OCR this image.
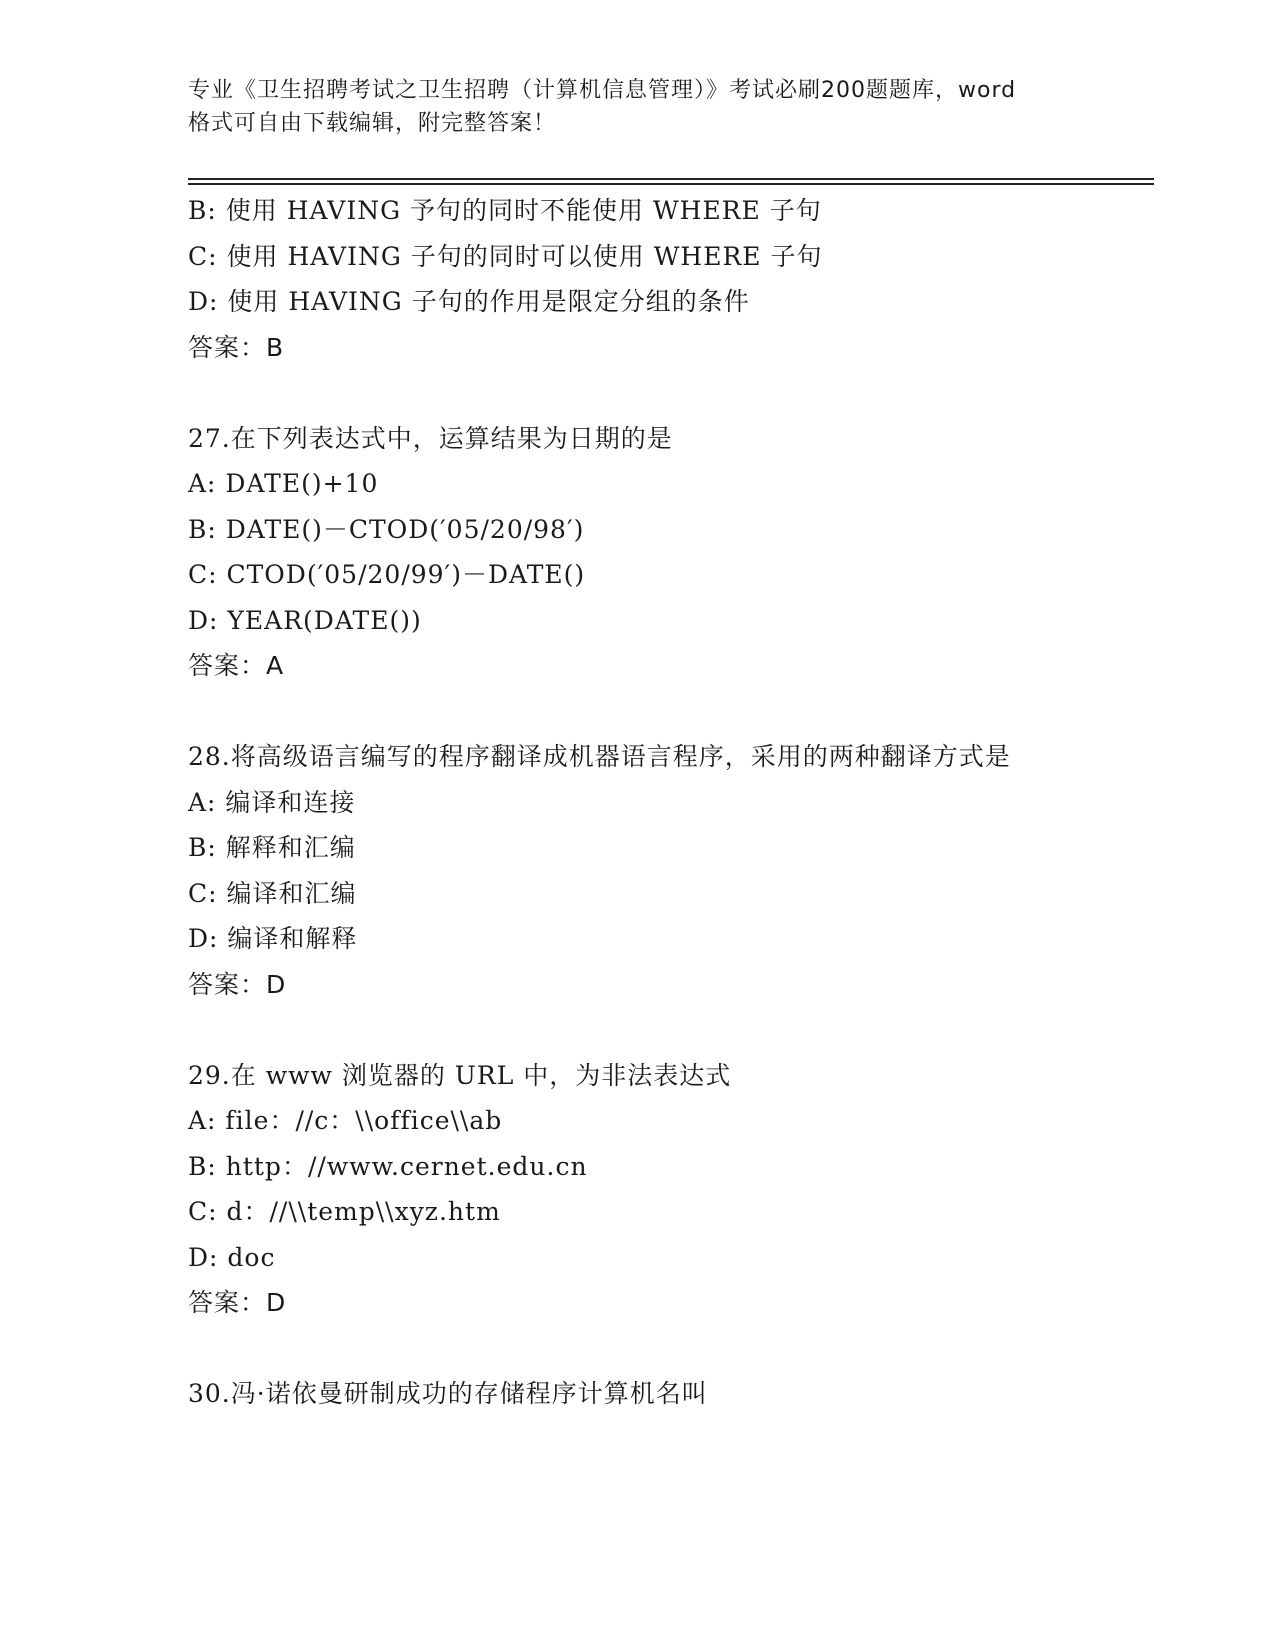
专业《卫生招聘考试之卫生招聘（计算机信息管理）》考试必刷200题题库，word
格式可自由下载编辑，附完整答案！
B: 使用 HAVING 予句的同时不能使用 WHERE 子句
C: 使用 HAVING 子句的同时可以使用 WHERE 子句
D: 使用 HAVING 子句的作用是限定分组的条件
答案：B
27.在下列表达式中，运算结果为日期的是
A: DATE()+10
B: DATE()－CTOD(′05/20/98′)
C: CTOD(′05/20/99′)－DATE()
D: YEAR(DATE())
答案：A
28.将高级语言编写的程序翻译成机器语言程序，采用的两种翻译方式是
A: 编译和连接
B: 解释和汇编
C: 编译和汇编
D: 编译和解释
答案：D
29.在 www 浏览器的 URL 中，为非法表达式
A: file：//c：\\office\\ab
B: http：//www.cernet.edu.cn
C: d：//\\temp\\xyz.htm
D: doc
答案：D
30.冯·诺依曼研制成功的存储程序计算机名叫
